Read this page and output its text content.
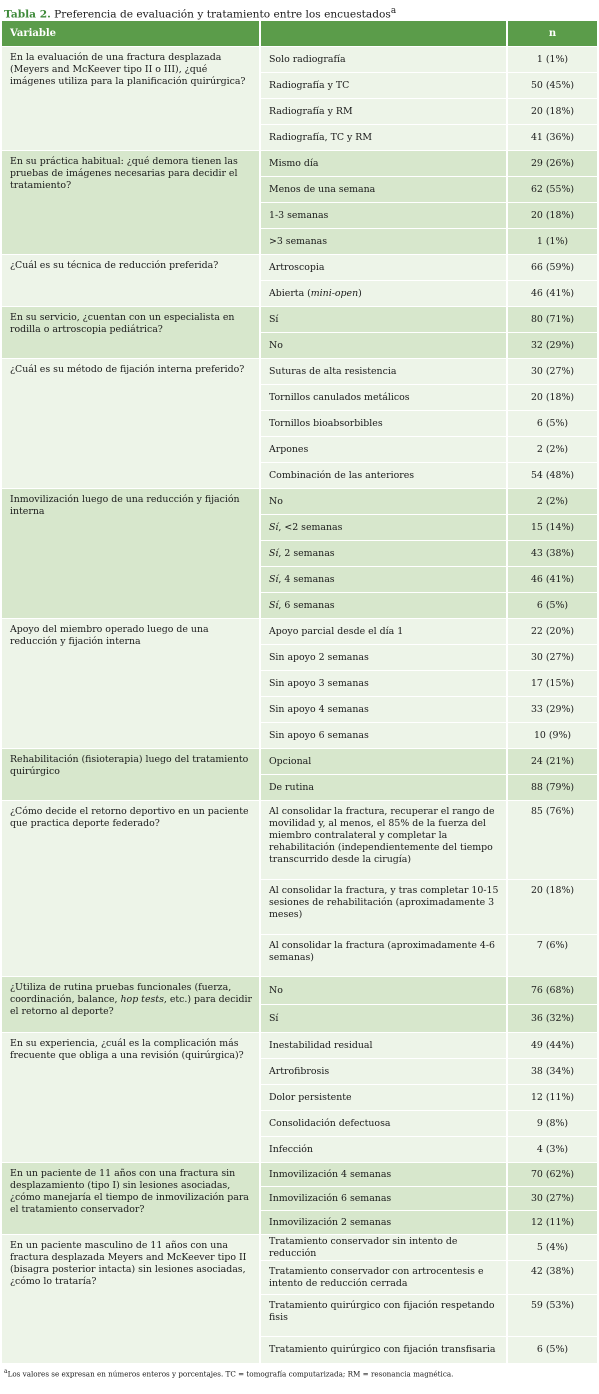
Tabla 2. Preferencia de evaluación y tratamiento entre los encuestados$^a$
Variable		n
En la evaluación de una fractura desplazada (Meyers and McKeever tipo II o III), ¿qué imágenes utiliza para la planificación quirúrgica?	Solo radiografía	1 (1%)
	Radiografía y TC	50 (45%)
	Radiografía y RM	20 (18%)
	Radiografía, TC y RM	41 (36%)
En su práctica habitual: ¿qué demora tienen las pruebas de imágenes necesarias para decidir el tratamiento?	Mismo día	29 (26%)
	Menos de una semana	62 (55%)
	1-3 semanas	20 (18%)
	>3 semanas	1 (1%)
¿Cuál es su técnica de reducción preferida?	Artroscopia	66 (59%)
	Abierta (mini-open)	46 (41%)
En su servicio, ¿cuentan con un especialista en rodilla o artroscopia pediátrica?	Sí	80 (71%)
	No	32 (29%)
¿Cuál es su método de fijación interna preferido?	Suturas de alta resistencia	30 (27%)
	Tornillos canulados metálicos	20 (18%)
	Tornillos bioabsorbibles	6 (5%)
	Arpones	2 (2%)
	Combinación de las anteriores	54 (48%)
Inmovilización luego de una reducción y fijación interna	No	2 (2%)
	Sí, <2 semanas	15 (14%)
	Sí, 2 semanas	43 (38%)
	Sí, 4 semanas	46 (41%)
	Sí, 6 semanas	6 (5%)
Apoyo del miembro operado luego de una reducción y fijación interna	Apoyo parcial desde el día 1	22 (20%)
	Sin apoyo 2 semanas	30 (27%)
	Sin apoyo 3 semanas	17 (15%)
	Sin apoyo 4 semanas	33 (29%)
	Sin apoyo 6 semanas	10 (9%)
Rehabilitación (fisioterapia) luego del tratamiento quirúrgico	Opcional	24 (21%)
	De rutina	88 (79%)
¿Cómo decide el retorno deportivo en un paciente que practica deporte federado?	Al consolidar la fractura, recuperar el rango de movilidad y, al menos, el 85% de la fuerza del miembro contralateral y completar la rehabilitación (independientemente del tiempo transcurrido desde la cirugía)	85 (76%)
	Al consolidar la fractura, y tras completar 10-15 sesiones de rehabilitación (aproximadamente 3 meses)	20 (18%)
	Al consolidar la fractura (aproximadamente 4-6 semanas)	7 (6%)
¿Utiliza de rutina pruebas funcionales (fuerza, coordinación, balance, hop tests, etc.) para decidir el retorno al deporte?	No	76 (68%)
	Sí	36 (32%)
En su experiencia, ¿cuál es la complicación más frecuente que obliga a una revisión (quirúrgica)?	Inestabilidad residual	49 (44%)
	Artrofibrosis	38 (34%)
	Dolor persistente	12 (11%)
	Consolidación defectuosa	9 (8%)
	Infección	4 (3%)
En un paciente de 11 años con una fractura sin desplazamiento (tipo I) sin lesiones asociadas, ¿cómo manejaría el tiempo de inmovilización para el tratamiento conservador?	Inmovilización 4 semanas	70 (62%)
	Inmovilización 6 semanas	30 (27%)
	Inmovilización 2 semanas	12 (11%)
En un paciente masculino de 11 años con una fractura desplazada Meyers and McKeever tipo II (bisagra posterior intacta) sin lesiones asociadas, ¿cómo lo trataría?	Tratamiento conservador sin intento de reducción	5 (4%)
	Tratamiento conservador con artrocentesis e intento de reducción cerrada	42 (38%)
	Tratamiento quirúrgico con fijación respetando fisis	59 (53%)
	Tratamiento quirúrgico con fijación transfisaria	6 (5%)
$^a$Los valores se expresan en números enteros y porcentajes. TC = tomografía computarizada; RM = resonancia magnética.
